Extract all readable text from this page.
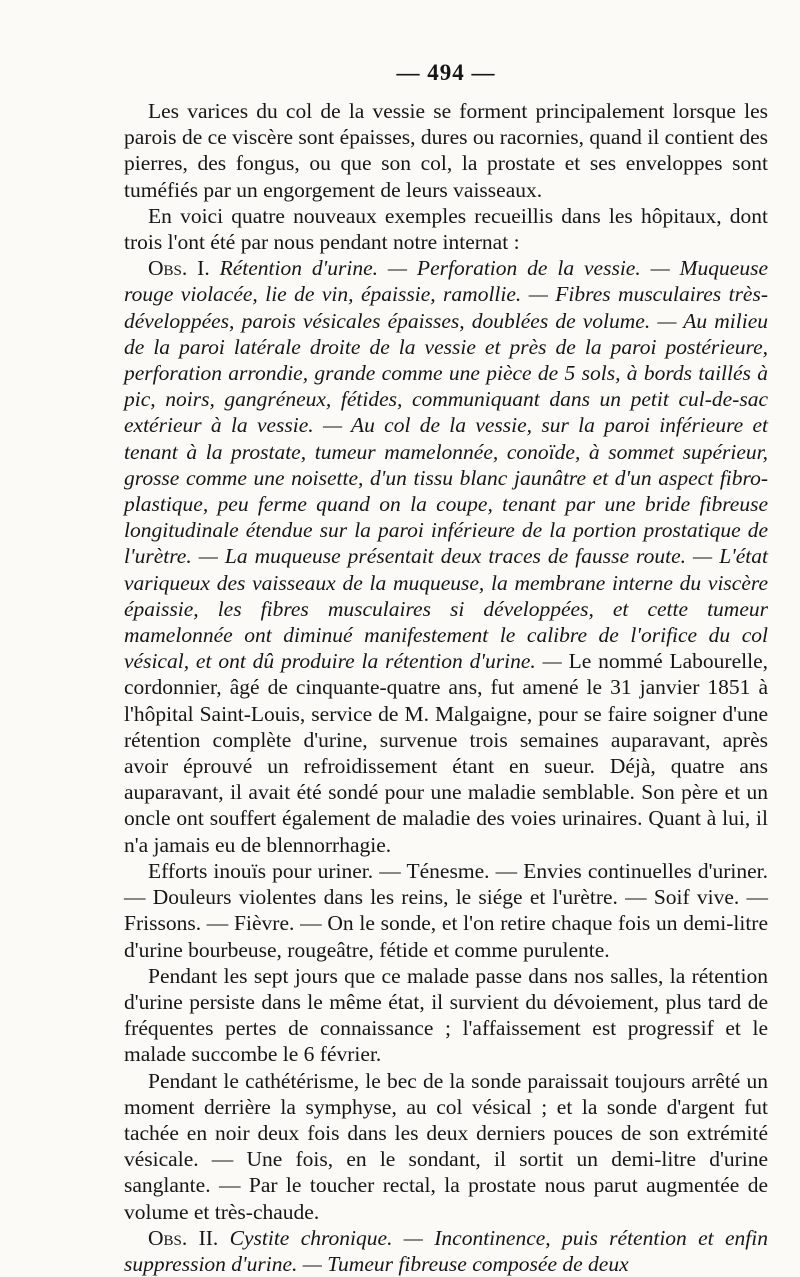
— 494 —

Les varices du col de la vessie se forment principalement lorsque les parois de ce viscère sont épaisses, dures ou racornies, quand il contient des pierres, des fongus, ou que son col, la prostate et ses enveloppes sont tuméfiés par un engorgement de leurs vaisseaux.

En voici quatre nouveaux exemples recueillis dans les hôpitaux, dont trois l'ont été par nous pendant notre internat :

Obs. I. Rétention d'urine. — Perforation de la vessie. — Muqueuse rouge violacée, lie de vin, épaissie, ramollie. — Fibres musculaires très-développées, parois vésicales épaisses, doublées de volume. — Au milieu de la paroi latérale droite de la vessie et près de la paroi postérieure, perforation arrondie, grande comme une pièce de 5 sols, à bords taillés à pic, noirs, gangréneux, fétides, communiquant dans un petit cul-de-sac extérieur à la vessie. — Au col de la vessie, sur la paroi inférieure et tenant à la prostate, tumeur mamelonnée, conoïde, à sommet supérieur, grosse comme une noisette, d'un tissu blanc jaunâtre et d'un aspect fibro-plastique, peu ferme quand on la coupe, tenant par une bride fibreuse longitudinale étendue sur la paroi inférieure de la portion prostatique de l'urètre. — La muqueuse présentait deux traces de fausse route. — L'état variqueux des vaisseaux de la muqueuse, la membrane interne du viscère épaissie, les fibres musculaires si développées, et cette tumeur mamelonnée ont diminué manifestement le calibre de l'orifice du col vésical, et ont dû produire la rétention d'urine. — Le nommé Labourelle, cordonnier, âgé de cinquante-quatre ans, fut amené le 31 janvier 1851 à l'hôpital Saint-Louis, service de M. Malgaigne, pour se faire soigner d'une rétention complète d'urine, survenue trois semaines auparavant, après avoir éprouvé un refroidissement étant en sueur. Déjà, quatre ans auparavant, il avait été sondé pour une maladie semblable. Son père et un oncle ont souffert également de maladie des voies urinaires. Quant à lui, il n'a jamais eu de blennorrhagie.

Efforts inouïs pour uriner. — Ténesme. — Envies continuelles d'uriner. — Douleurs violentes dans les reins, le siége et l'urètre. — Soif vive. — Frissons. — Fièvre. — On le sonde, et l'on retire chaque fois un demi-litre d'urine bourbeuse, rougeâtre, fétide et comme purulente.

Pendant les sept jours que ce malade passe dans nos salles, la rétention d'urine persiste dans le même état, il survient du dévoiement, plus tard de fréquentes pertes de connaissance ; l'affaissement est progressif et le malade succombe le 6 février.

Pendant le cathétérisme, le bec de la sonde paraissait toujours arrêté un moment derrière la symphyse, au col vésical ; et la sonde d'argent fut tachée en noir deux fois dans les deux derniers pouces de son extrémité vésicale. — Une fois, en le sondant, il sortit un demi-litre d'urine sanglante. — Par le toucher rectal, la prostate nous parut augmentée de volume et très-chaude.

Obs. II. Cystite chronique. — Incontinence, puis rétention et enfin suppression d'urine. — Tumeur fibreuse composée de deux
